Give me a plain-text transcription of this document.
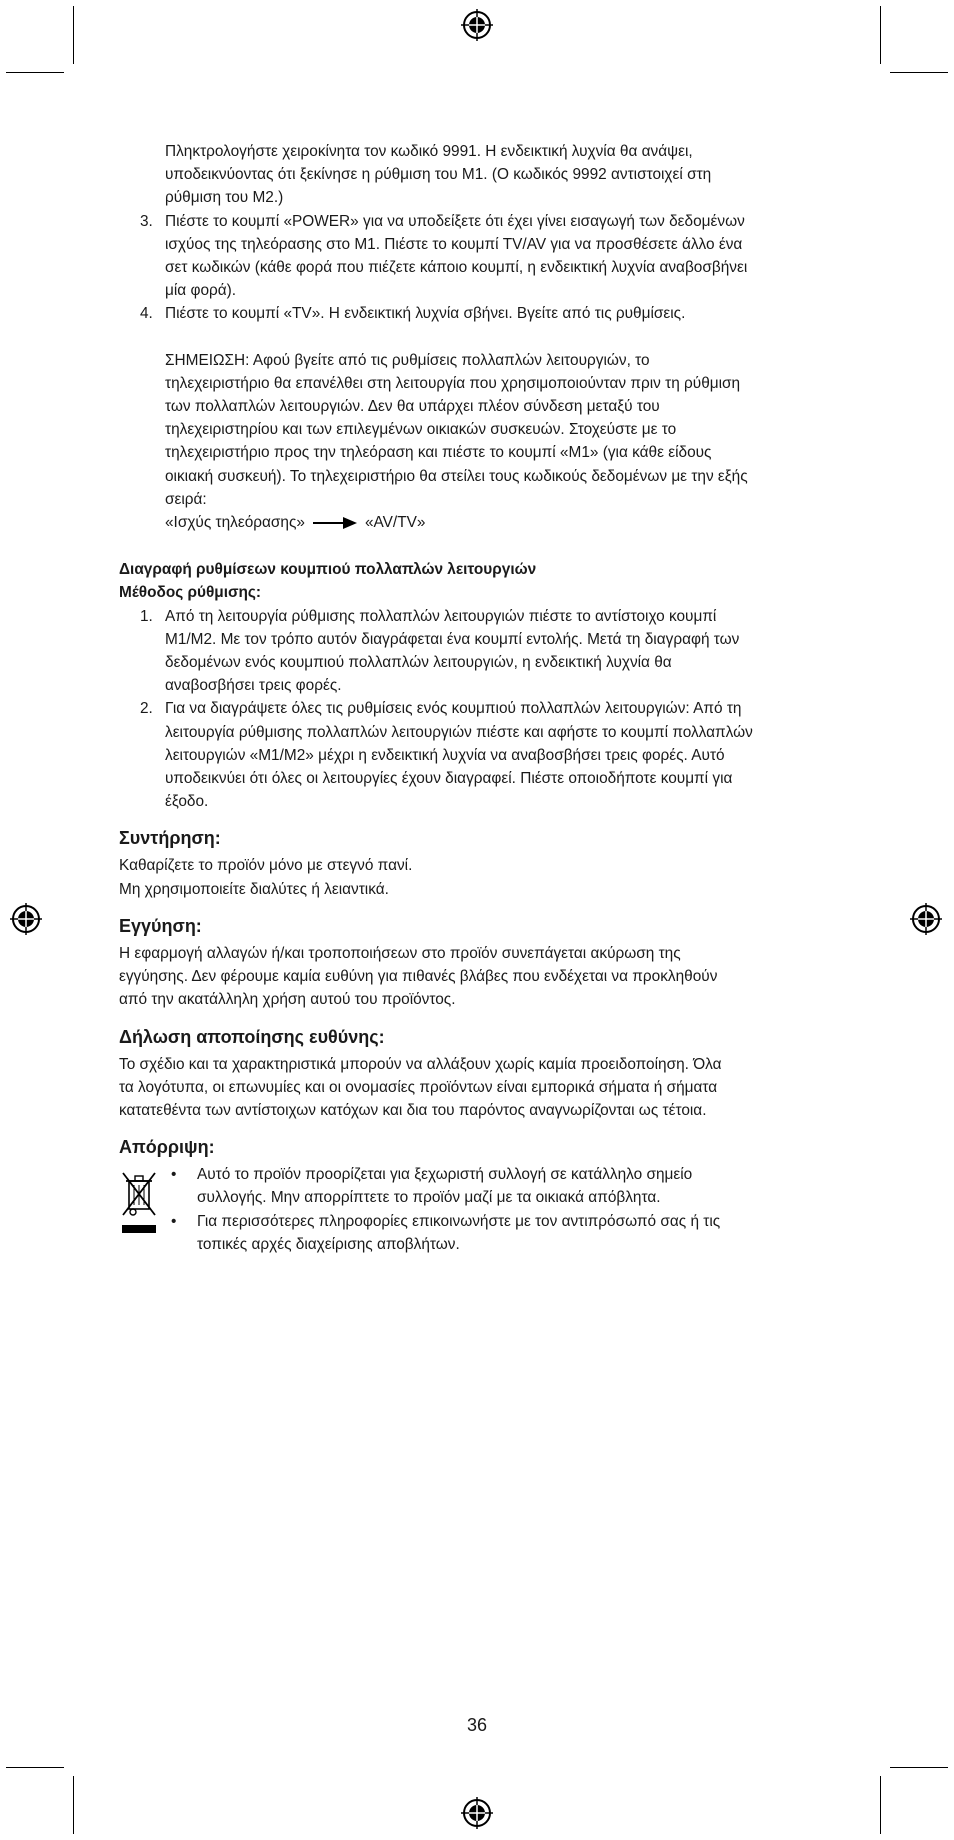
Πληκτρολογήστε χειροκίνητα τον κωδικό 9991. Η ενδεικτική λυχνία θα ανάψει,

υποδεικνύοντας ότι ξεκίνησε η ρύθμιση του M1. (Ο κωδικός 9992 αντιστοιχεί στη

ρύθμιση του M2.)

3. Πιέστε το κουμπί «POWER» για να υποδείξετε ότι έχει γίνει εισαγωγή των δεδομένων

ισχύος της τηλεόρασης στο M1. Πιέστε το κουμπί TV/AV για να προσθέσετε άλλο ένα

σετ κωδικών (κάθε φορά που πιέζετε κάποιο κουμπί, η ενδεικτική λυχνία αναβοσβήνει

μία φορά).

4. Πιέστε το κουμπί «TV». Η ενδεικτική λυχνία σβήνει. Βγείτε από τις ρυθμίσεις.

ΣΗΜΕΙΩΣΗ: Αφού βγείτε από τις ρυθμίσεις πολλαπλών λειτουργιών, το

τηλεχειριστήριο θα επανέλθει στη λειτουργία που χρησιμοποιούνταν πριν τη ρύθμιση

των πολλαπλών λειτουργιών. Δεν θα υπάρχει πλέον σύνδεση μεταξύ του

τηλεχειριστηρίου και των επιλεγμένων οικιακών συσκευών. Στοχεύστε με το

τηλεχειριστήριο προς την τηλεόραση και πιέστε το κουμπί «M1» (για κάθε είδους

οικιακή συσκευή). Το τηλεχειριστήριο θα στείλει τους κωδικούς δεδομένων με την εξής

σειρά:

«Ισχύς τηλεόρασης»	«AV/TV»

Διαγραφή ρυθμίσεων κουμπιού πολλαπλών λειτουργιών

Μέθοδος ρύθμισης:

1. Από τη λειτουργία ρύθμισης πολλαπλών λειτουργιών πιέστε το αντίστοιχο κουμπί

M1/M2. Με τον τρόπο αυτόν διαγράφεται ένα κουμπί εντολής. Μετά τη διαγραφή των

δεδομένων ενός κουμπιού πολλαπλών λειτουργιών, η ενδεικτική λυχνία θα

αναβοσβήσει τρεις φορές.

2. Για να διαγράψετε όλες τις ρυθμίσεις ενός κουμπιού πολλαπλών λειτουργιών: Από τη

λειτουργία ρύθμισης πολλαπλών λειτουργιών πιέστε και αφήστε το κουμπί πολλαπλών

λειτουργιών «M1/M2» μέχρι η ενδεικτική λυχνία να αναβοσβήσει τρεις φορές. Αυτό

υποδεικνύει ότι όλες οι λειτουργίες έχουν διαγραφεί. Πιέστε οποιοδήποτε κουμπί για

έξοδο.

Συντήρηση:

Καθαρίζετε το προϊόν μόνο με στεγνό πανί.

Μη χρησιμοποιείτε διαλύτες ή λειαντικά.

Εγγύηση:

Η εφαρμογή αλλαγών ή/και τροποποιήσεων στο προϊόν συνεπάγεται ακύρωση της

εγγύησης. Δεν φέρουμε καμία ευθύνη για πιθανές βλάβες που ενδέχεται να προκληθούν

από την ακατάλληλη χρήση αυτού του προϊόντος.

Δήλωση αποποίησης ευθύνης:

Το σχέδιο και τα χαρακτηριστικά μπορούν να αλλάξουν χωρίς καμία προειδοποίηση. Όλα

τα λογότυπα, οι επωνυμίες και οι ονομασίες προϊόντων είναι εμπορικά σήματα ή σήματα

κατατεθέντα των αντίστοιχων κατόχων και δια του παρόντος αναγνωρίζονται ως τέτοια.

Απόρριψη:
• Αυτό το προϊόν προορίζεται για ξεχωριστή συλλογή σε κατάλληλο σημείο

συλλογής. Μην απορρίπτετε το προϊόν μαζί με τα οικιακά απόβλητα.

• Για περισσότερες πληροφορίες επικοινωνήστε με τον αντιπρόσωπό σας ή τις

τοπικές αρχές διαχείρισης αποβλήτων.

36
